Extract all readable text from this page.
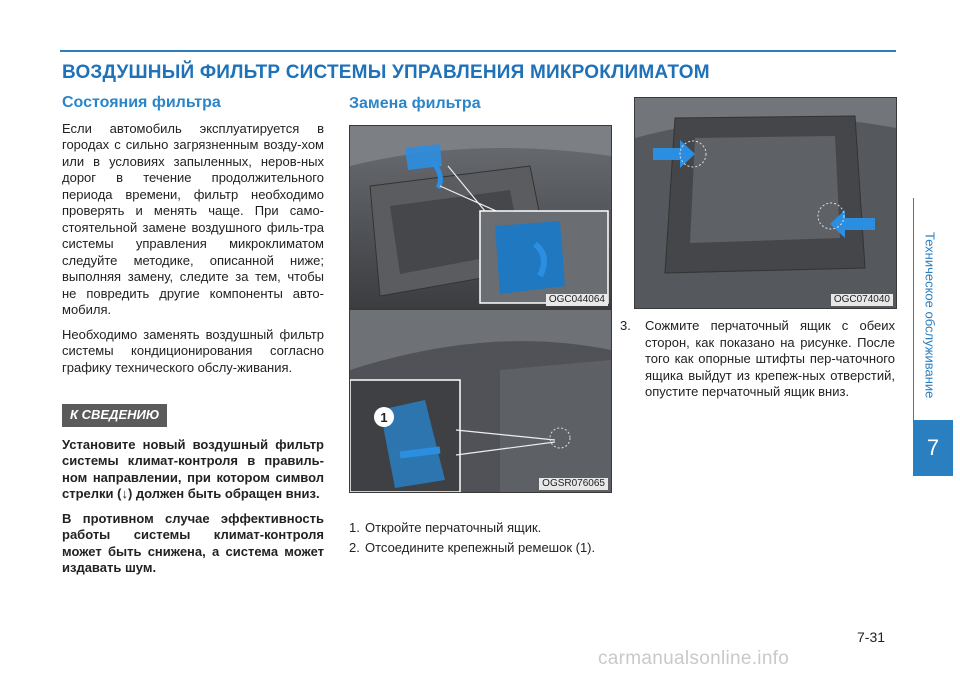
ВОЗДУШНЫЙ ФИЛЬТР СИСТЕМЫ УПРАВЛЕНИЯ МИКРОКЛИМАТОМ
Состояния фильтра

Если автомобиль эксплуатируется в городах с сильно загрязненным возду-хом или в условиях запыленных, неров-ных дорог в течение продолжительного периода времени, фильтр необходимо проверять и менять чаще. При само-стоятельной замене воздушного филь-тра системы управления микроклиматом следуйте методике, описанной ниже; выполняя замену, следите за тем, чтобы не повредить другие компоненты авто-мобиля.

Необходимо заменять воздушный фильтр системы кондиционирования согласно графику технического обслу-живания.

К СВЕДЕНИЮ

Установите новый воздушный фильтр системы климат-контроля в правиль-ном направлении, при котором символ стрелки (↓) должен быть обращен вниз.

В противном случае эффективность работы системы климат-контроля может быть снижена, а система может издавать шум.

Замена фильтра
OGC044064
1
OGSR076065
OGC074040
1. Откройте перчаточный ящик.
2. Отсоедините крепежный ремешок (1).
3.	Сожмите перчаточный ящик с обеих сторон, как показано на рисунке. После того как опорные штифты пер-чаточного ящика выйдут из крепеж-ных отверстий, опустите перчаточный ящик вниз.	Техническое обслуживание
7
7-31
carmanualsonline.info
